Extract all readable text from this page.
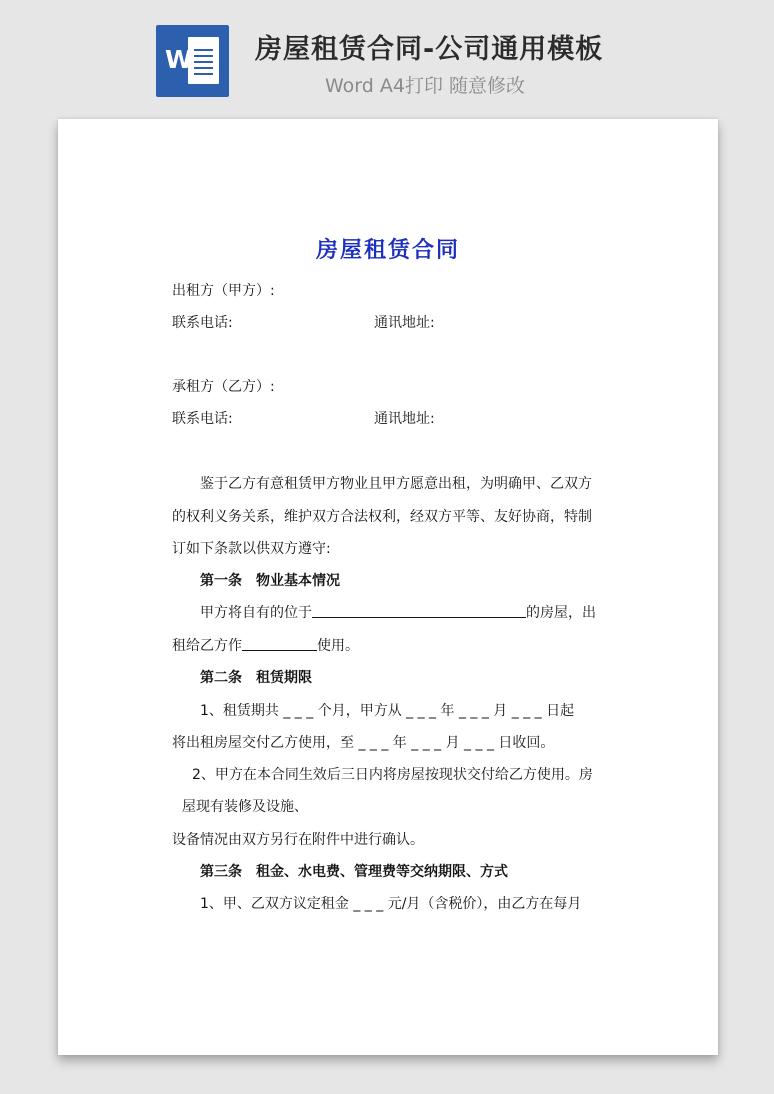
W 房屋租赁合同-公司通用模板
Word A4打印 随意修改

房屋租赁合同
出租方（甲方）:
联系电话:	通讯地址:
承租方（乙方）:
联系电话:	通讯地址:
鉴于乙方有意租赁甲方物业且甲方愿意出租，为明确甲、乙双方
的权利义务关系，维护双方合法权利，经双方平等、友好协商，特制
订如下条款以供双方遵守:
第一条　物业基本情况
甲方将自有的位于	的房屋，出
租给乙方作	使用。
第二条　租赁期限
1、租赁期共 _ _ _ 个月，甲方从 _ _ _ 年 _ _ _ 月 _ _ _ 日起
将出租房屋交付乙方使用，至 _ _ _ 年 _ _ _ 月 _ _ _ 日收回。
2、甲方在本合同生效后三日内将房屋按现状交付给乙方使用。房
屋现有装修及设施、
设备情况由双方另行在附件中进行确认。
第三条　租金、水电费、管理费等交纳期限、方式
1、甲、乙双方议定租金 _ _ _ 元/月（含税价），由乙方在每月
